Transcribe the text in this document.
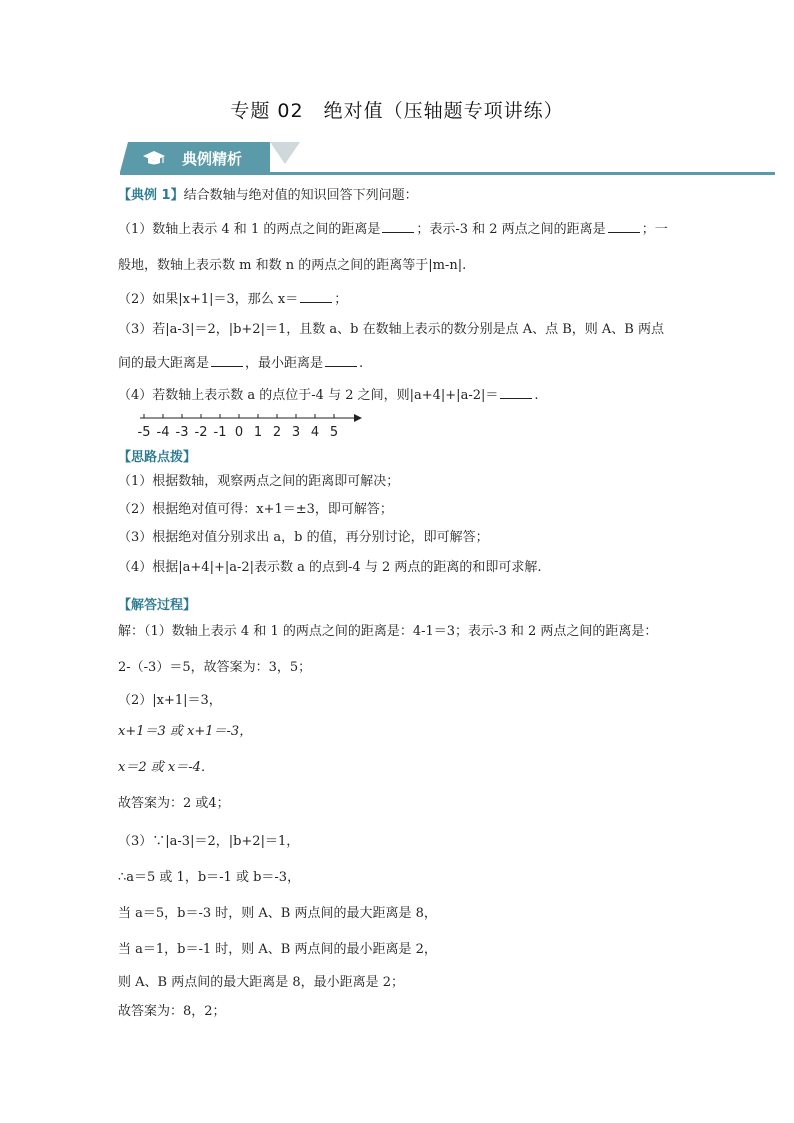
专题 02　绝对值（压轴题专项讲练）
典例精析
【典例 1】结合数轴与绝对值的知识回答下列问题：
（1）数轴上表示 4 和 1 的两点之间的距离是	；表示-3 和 2 两点之间的距离是	；一
般地，数轴上表示数 m 和数 n 的两点之间的距离等于|m-n|.
（2）如果|x+1|＝3，那么 x＝	；
（3）若|a-3|＝2，|b+2|＝1，且数 a、b 在数轴上表示的数分别是点 A、点 B，则 A、B 两点
间的最大距离是	，最小距离是	.
（4）若数轴上表示数 a 的点位于-4 与 2 之间，则|a+4|+|a-2|＝	.
-5 -4 -3 -2 -1 0 1 2 3 4 5
【思路点拨】
（1）根据数轴，观察两点之间的距离即可解决；
（2）根据绝对值可得：x+1＝±3，即可解答；
（3）根据绝对值分别求出 a，b 的值，再分别讨论，即可解答；
（4）根据|a+4|+|a-2|表示数 a 的点到-4 与 2 两点的距离的和即可求解.
【解答过程】
解：（1）数轴上表示 4 和 1 的两点之间的距离是：4-1＝3；表示-3 和 2 两点之间的距离是：
2-（-3）＝5，故答案为：3，5；
（2）|x+1|＝3，
x+1＝3 或 x+1＝-3，
x＝2 或 x＝-4．
故答案为：2 或4；
（3）∵|a-3|＝2，|b+2|＝1，
∴a＝5 或 1，b＝-1 或 b＝-3，
当 a＝5，b＝-3 时，则 A、B 两点间的最大距离是 8，
当 a＝1，b＝-1 时，则 A、B 两点间的最小距离是 2，
则 A、B 两点间的最大距离是 8，最小距离是 2；
故答案为：8，2；
